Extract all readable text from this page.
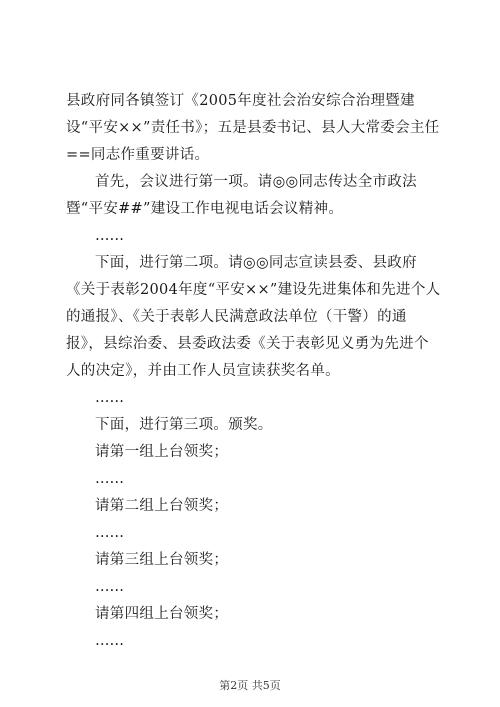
县政府同各镇签订《2005年度社会治安综合治理暨建设“平安××”责任书》；五是县委书记、县人大常委会主任==同志作重要讲话。

首先，会议进行第一项。请◎◎同志传达全市政法暨“平安##”建设工作电视电话会议精神。

……

下面，进行第二项。请◎◎同志宣读县委、县政府《关于表彰2004年度“平安××”建设先进集体和先进个人的通报》、《关于表彰人民满意政法单位（干警）的通报》，县综治委、县委政法委《关于表彰见义勇为先进个人的决定》，并由工作人员宣读获奖名单。

……

下面，进行第三项。颁奖。

请第一组上台领奖；

……

请第二组上台领奖；

……

请第三组上台领奖；

……

请第四组上台领奖；

……

第2页 共5页
